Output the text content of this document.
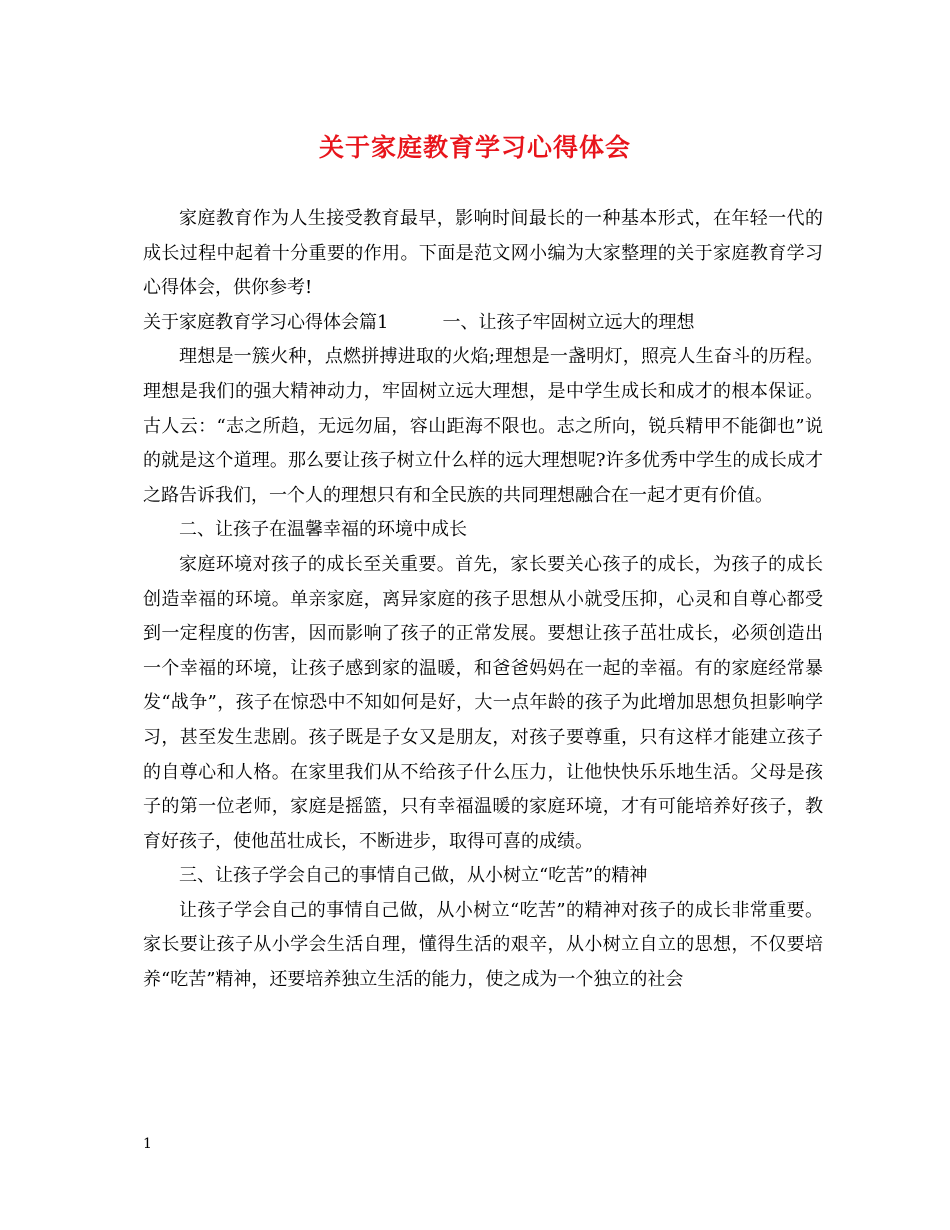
关于家庭教育学习心得体会

家庭教育作为人生接受教育最早，影响时间最长的一种基本形式，在年轻一代的成长过程中起着十分重要的作用。下面是范文网小编为大家整理的关于家庭教育学习心得体会，供你参考!

关于家庭教育学习心得体会篇1　　　一、让孩子牢固树立远大的理想

理想是一簇火种，点燃拼搏进取的火焰;理想是一盏明灯，照亮人生奋斗的历程。理想是我们的强大精神动力，牢固树立远大理想，是中学生成长和成才的根本保证。古人云：“志之所趋，无远勿届，容山距海不限也。志之所向，锐兵精甲不能御也”说的就是这个道理。那么要让孩子树立什么样的远大理想呢?许多优秀中学生的成长成才之路告诉我们，一个人的理想只有和全民族的共同理想融合在一起才更有价值。

二、让孩子在温馨幸福的环境中成长

家庭环境对孩子的成长至关重要。首先，家长要关心孩子的成长，为孩子的成长创造幸福的环境。单亲家庭，离异家庭的孩子思想从小就受压抑，心灵和自尊心都受到一定程度的伤害，因而影响了孩子的正常发展。要想让孩子茁壮成长，必须创造出一个幸福的环境，让孩子感到家的温暖，和爸爸妈妈在一起的幸福。有的家庭经常暴发“战争”，孩子在惊恐中不知如何是好，大一点年龄的孩子为此增加思想负担影响学习，甚至发生悲剧。孩子既是子女又是朋友，对孩子要尊重，只有这样才能建立孩子的自尊心和人格。在家里我们从不给孩子什么压力，让他快快乐乐地生活。父母是孩子的第一位老师，家庭是摇篮，只有幸福温暖的家庭环境，才有可能培养好孩子，教育好孩子，使他茁壮成长，不断进步，取得可喜的成绩。

三、让孩子学会自己的事情自己做，从小树立“吃苦”的精神

让孩子学会自己的事情自己做，从小树立“吃苦”的精神对孩子的成长非常重要。家长要让孩子从小学会生活自理，懂得生活的艰辛，从小树立自立的思想，不仅要培养“吃苦”精神，还要培养独立生活的能力，使之成为一个独立的社会

1
